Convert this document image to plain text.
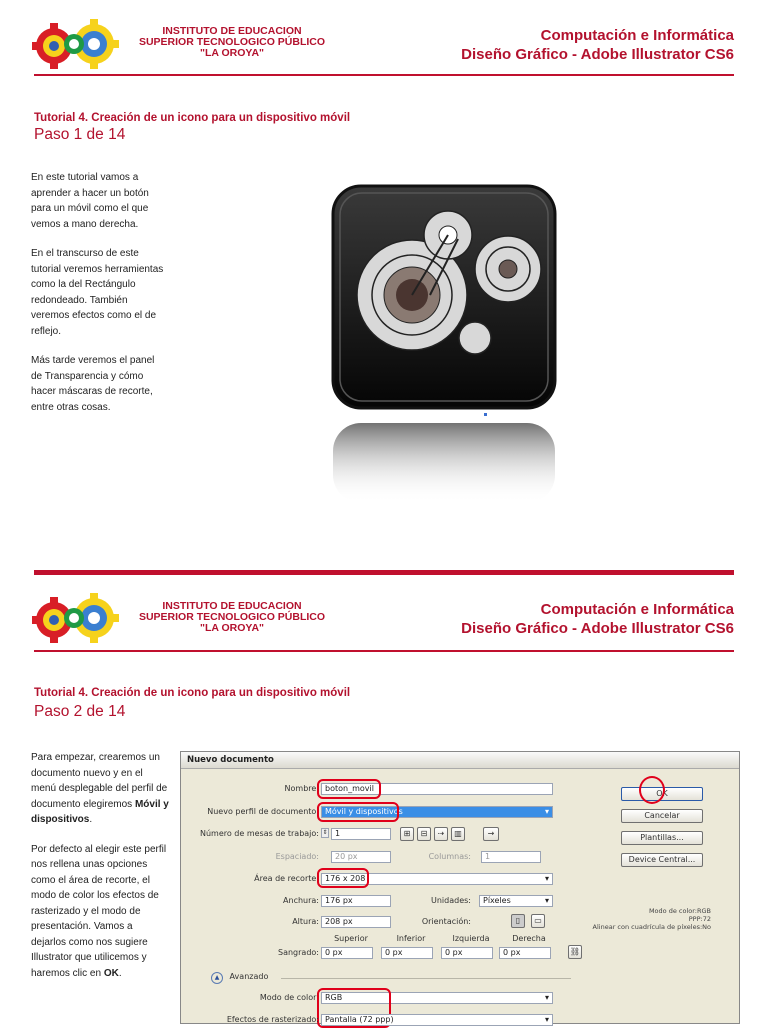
INSTITUTO DE EDUCACION
SUPERIOR TECNOLOGICO PÚBLICO
"LA OROYA"
Computación e Informática
Diseño Gráfico - Adobe Illustrator CS6
Tutorial 4. Creación de un icono para un dispositivo móvil
Paso 1 de 14

En este tutorial vamos a aprender a hacer un botón para un móvil como el que vemos a mano derecha.

En el transcurso de este tutorial veremos herramientas como la del Rectángulo redondeado. También veremos efectos como el de reflejo.

Más tarde veremos el panel de Transparencia y cómo hacer máscaras de recorte, entre otras cosas.

INSTITUTO DE EDUCACION
SUPERIOR TECNOLOGICO PÚBLICO
"LA OROYA"
Computación e Informática
Diseño Gráfico - Adobe Illustrator CS6
Tutorial 4. Creación de un icono para un dispositivo móvil
Paso 2 de 14

Para empezar, crearemos un documento nuevo y en el menú desplegable del perfil de documento elegiremos Móvil y dispositivos.

Por defecto al elegir este perfil nos rellena unas opciones como el área de recorte, el modo de color los efectos de rasterizado y el modo de presentación. Vamos a dejarlos como nos sugiere Illustrator que utilicemos y haremos clic en OK.

Nuevo documento
Nombre: boton_movil
Nuevo perfil de documento: Móvil y dispositivos ▾
Número de mesas de trabajo: ⇕ 1	⊞	⊟	⇢	▥	→
Espaciado:	20 px	Columnas:	1
Área de recorte: 176 x 208 ▾
Anchura: 176 px	Unidades:	Píxeles ▾
Altura: 208 px	Orientación:	▯	▭
Superior	Inferior	Izquierda	Derecha
Sangrado: 0 px	0 px	0 px	0 px	⛓
▲ Avanzado
Modo de color: RGB ▾
Efectos de rasterizado: Pantalla (72 ppp) ▾
OK
Cancelar
Plantillas...
Device Central...
Modo de color:RGB
PPP:72
Alinear con cuadrícula de píxeles:No
